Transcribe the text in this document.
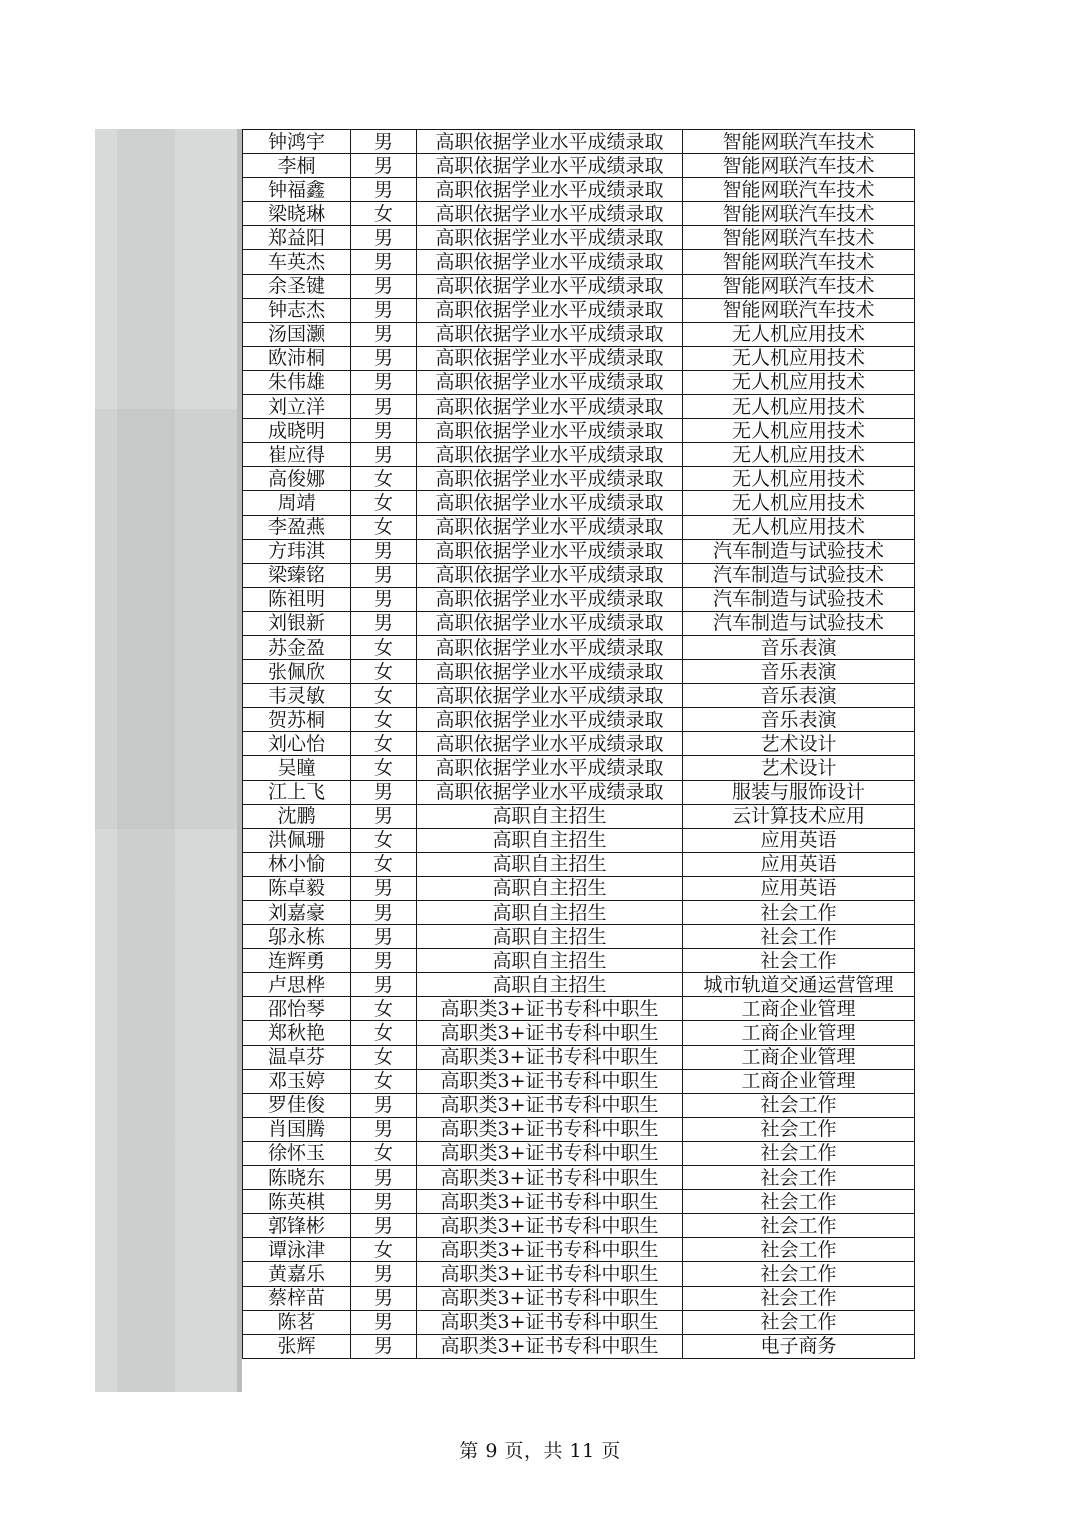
钟鸿宇	男	高职依据学业水平成绩录取	智能网联汽车技术
李桐	男	高职依据学业水平成绩录取	智能网联汽车技术
钟福鑫	男	高职依据学业水平成绩录取	智能网联汽车技术
梁晓琳	女	高职依据学业水平成绩录取	智能网联汽车技术
郑益阳	男	高职依据学业水平成绩录取	智能网联汽车技术
车英杰	男	高职依据学业水平成绩录取	智能网联汽车技术
余圣键	男	高职依据学业水平成绩录取	智能网联汽车技术
钟志杰	男	高职依据学业水平成绩录取	智能网联汽车技术
汤国灏	男	高职依据学业水平成绩录取	无人机应用技术
欧沛桐	男	高职依据学业水平成绩录取	无人机应用技术
朱伟雄	男	高职依据学业水平成绩录取	无人机应用技术
刘立洋	男	高职依据学业水平成绩录取	无人机应用技术
成晓明	男	高职依据学业水平成绩录取	无人机应用技术
崔应得	男	高职依据学业水平成绩录取	无人机应用技术
高俊娜	女	高职依据学业水平成绩录取	无人机应用技术
周靖	女	高职依据学业水平成绩录取	无人机应用技术
李盈燕	女	高职依据学业水平成绩录取	无人机应用技术
方玮淇	男	高职依据学业水平成绩录取	汽车制造与试验技术
梁臻铭	男	高职依据学业水平成绩录取	汽车制造与试验技术
陈祖明	男	高职依据学业水平成绩录取	汽车制造与试验技术
刘银新	男	高职依据学业水平成绩录取	汽车制造与试验技术
苏金盈	女	高职依据学业水平成绩录取	音乐表演
张佩欣	女	高职依据学业水平成绩录取	音乐表演
韦灵敏	女	高职依据学业水平成绩录取	音乐表演
贺苏桐	女	高职依据学业水平成绩录取	音乐表演
刘心怡	女	高职依据学业水平成绩录取	艺术设计
吴瞳	女	高职依据学业水平成绩录取	艺术设计
江上飞	男	高职依据学业水平成绩录取	服装与服饰设计
沈鹏	男	高职自主招生	云计算技术应用
洪佩珊	女	高职自主招生	应用英语
林小愉	女	高职自主招生	应用英语
陈卓毅	男	高职自主招生	应用英语
刘嘉豪	男	高职自主招生	社会工作
邬永栋	男	高职自主招生	社会工作
连辉勇	男	高职自主招生	社会工作
卢思桦	男	高职自主招生	城市轨道交通运营管理
邵怡琴	女	高职类3+证书专科中职生	工商企业管理
郑秋艳	女	高职类3+证书专科中职生	工商企业管理
温卓芬	女	高职类3+证书专科中职生	工商企业管理
邓玉婷	女	高职类3+证书专科中职生	工商企业管理
罗佳俊	男	高职类3+证书专科中职生	社会工作
肖国腾	男	高职类3+证书专科中职生	社会工作
徐怀玉	女	高职类3+证书专科中职生	社会工作
陈晓东	男	高职类3+证书专科中职生	社会工作
陈英棋	男	高职类3+证书专科中职生	社会工作
郭锋彬	男	高职类3+证书专科中职生	社会工作
谭泳津	女	高职类3+证书专科中职生	社会工作
黄嘉乐	男	高职类3+证书专科中职生	社会工作
蔡梓苗	男	高职类3+证书专科中职生	社会工作
陈茗	男	高职类3+证书专科中职生	社会工作
张辉	男	高职类3+证书专科中职生	电子商务
第 9 页，共 11 页
